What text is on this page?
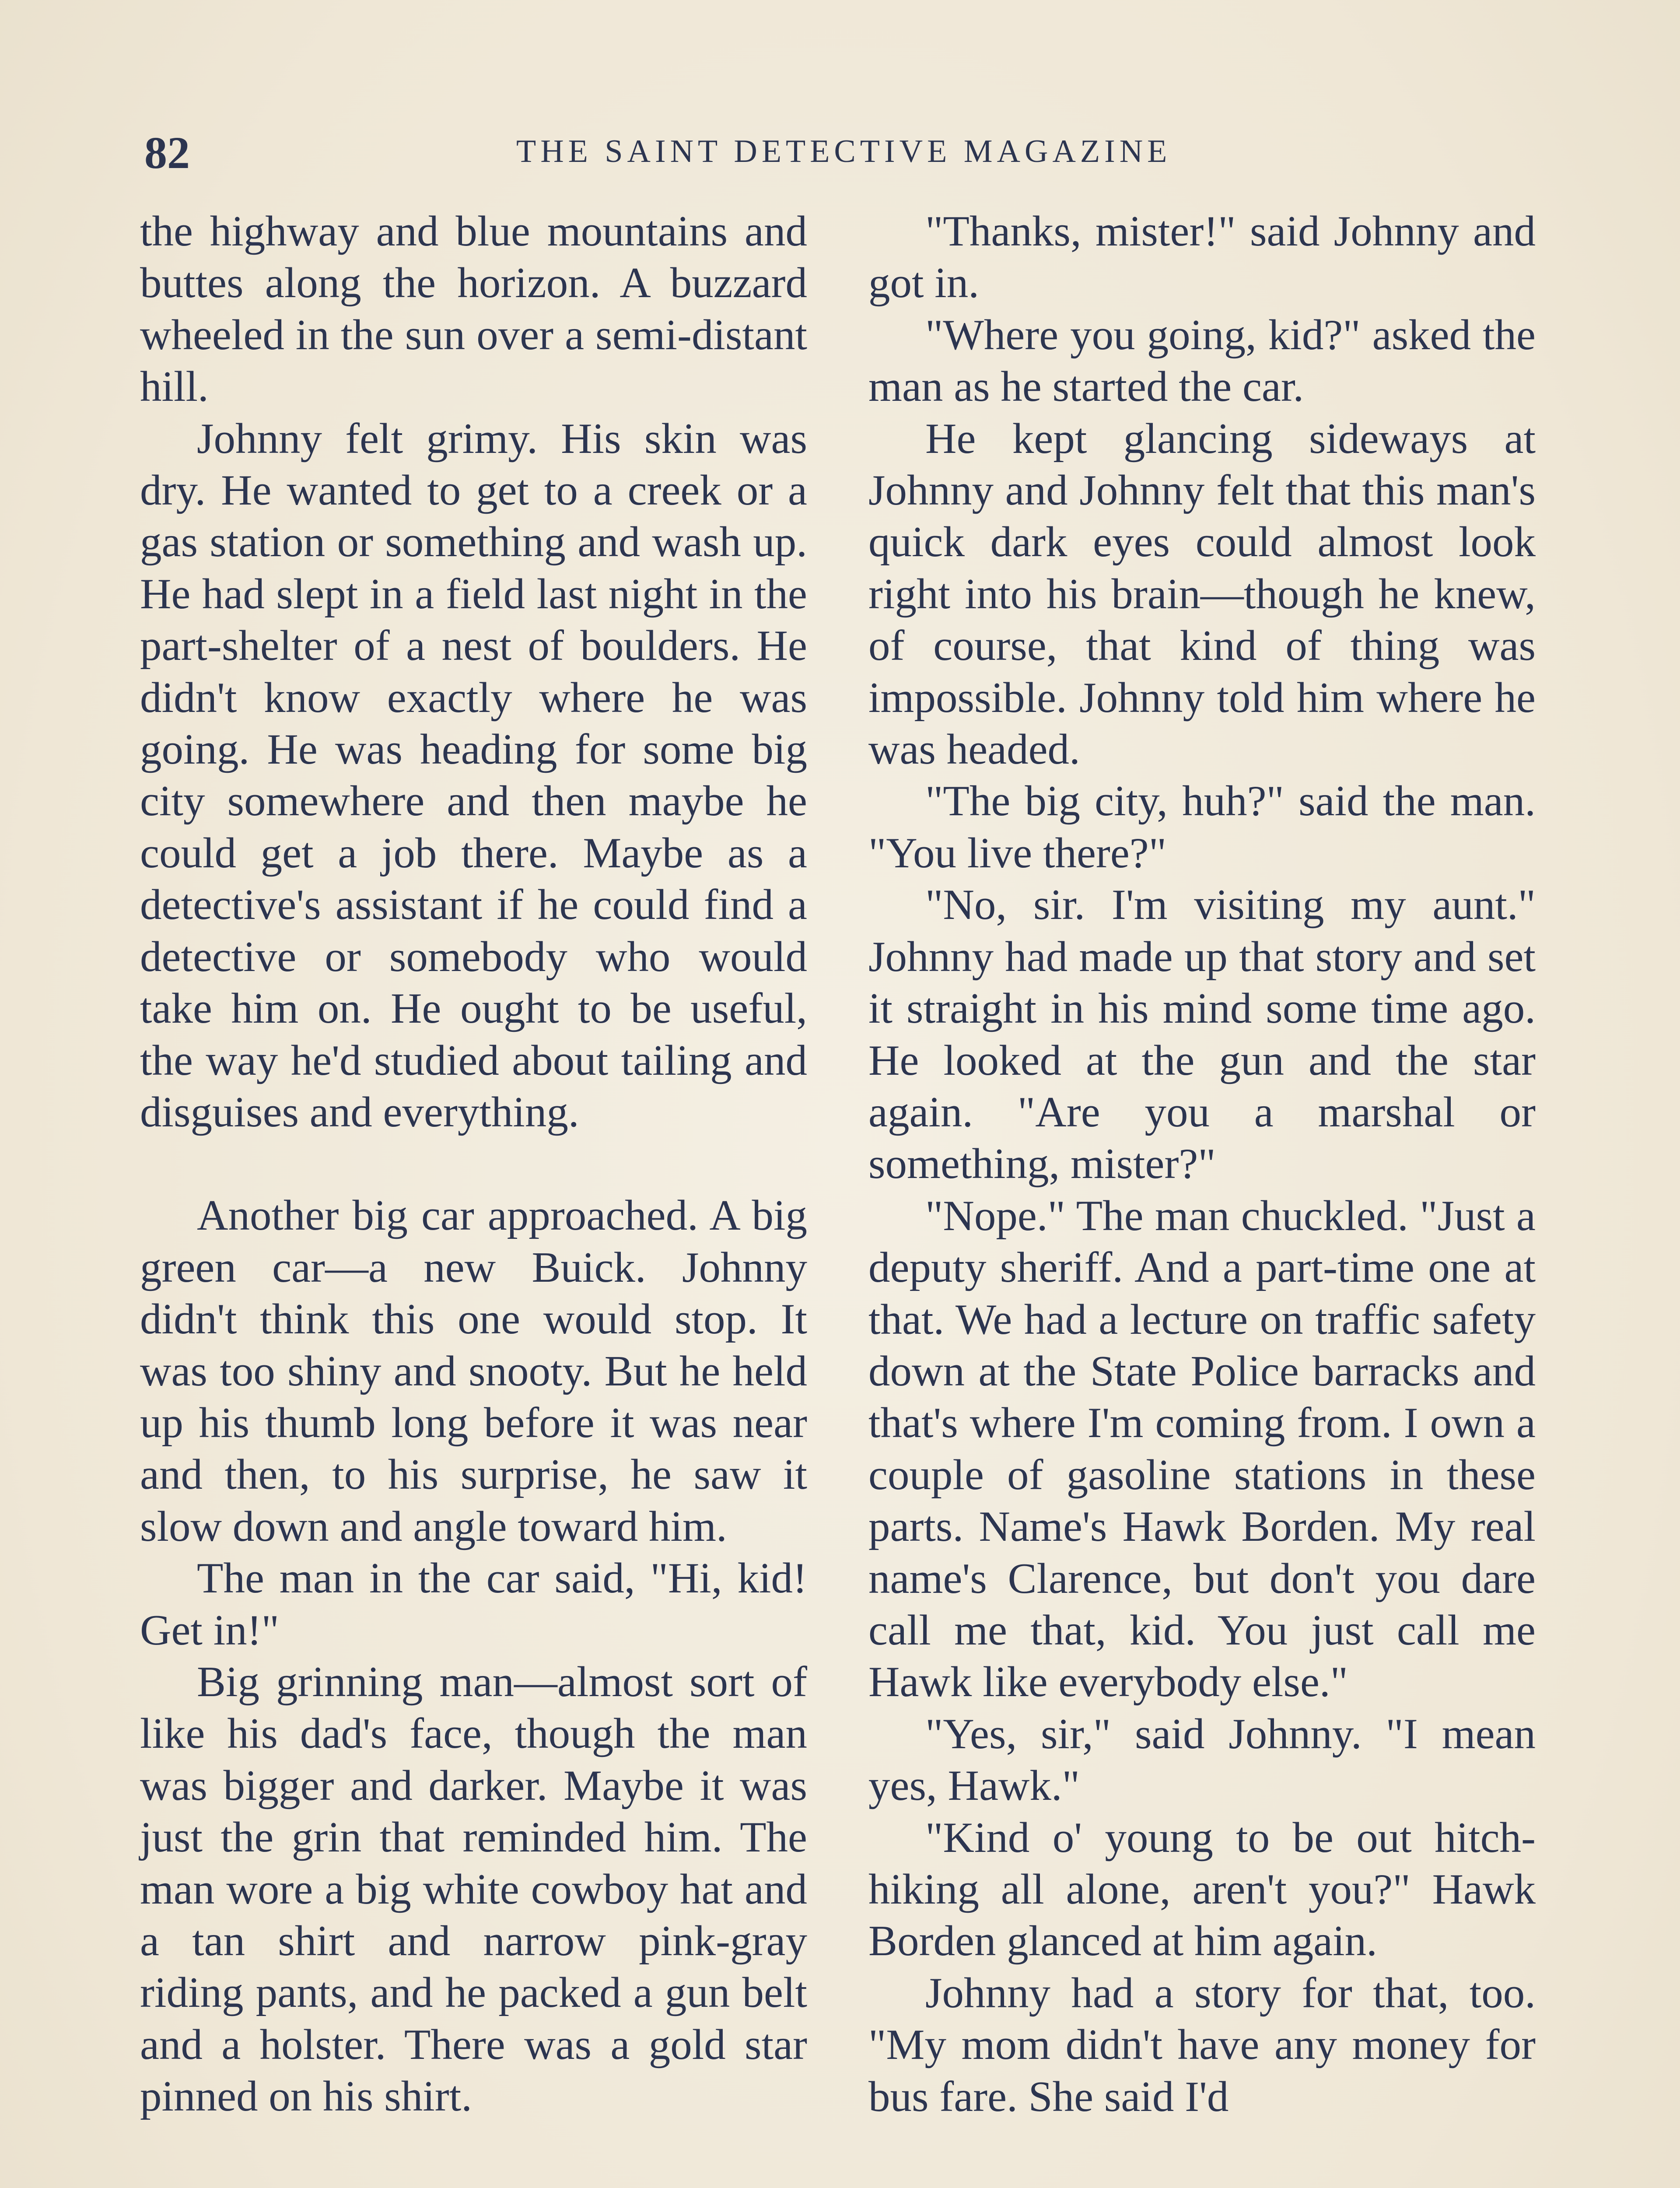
82	THE SAINT DETECTIVE MAGAZINE

the highway and blue mountains and buttes along the horizon. A buzzard wheeled in the sun over a semi-distant hill.

Johnny felt grimy. His skin was dry. He wanted to get to a creek or a gas station or something and wash up. He had slept in a field last night in the part-shelter of a nest of boulders. He didn't know exactly where he was going. He was heading for some big city somewhere and then maybe he could get a job there. Maybe as a detective's assistant if he could find a detective or somebody who would take him on. He ought to be useful, the way he'd studied about tailing and disguises and everything.

Another big car approached. A big green car—a new Buick. Johnny didn't think this one would stop. It was too shiny and snooty. But he held up his thumb long before it was near and then, to his surprise, he saw it slow down and angle toward him.

The man in the car said, "Hi, kid! Get in!"

Big grinning man—almost sort of like his dad's face, though the man was bigger and darker. Maybe it was just the grin that reminded him. The man wore a big white cowboy hat and a tan shirt and narrow pink-gray riding pants, and he packed a gun belt and a holster. There was a gold star pinned on his shirt.

"Thanks, mister!" said Johnny and got in.

"Where you going, kid?" asked the man as he started the car.

He kept glancing sideways at Johnny and Johnny felt that this man's quick dark eyes could almost look right into his brain—though he knew, of course, that kind of thing was impossible. Johnny told him where he was headed.

"The big city, huh?" said the man. "You live there?"

"No, sir. I'm visiting my aunt." Johnny had made up that story and set it straight in his mind some time ago. He looked at the gun and the star again. "Are you a marshal or something, mister?"

"Nope." The man chuckled. "Just a deputy sheriff. And a part-time one at that. We had a lecture on traffic safety down at the State Police barracks and that's where I'm coming from. I own a couple of gasoline stations in these parts. Name's Hawk Borden. My real name's Clarence, but don't you dare call me that, kid. You just call me Hawk like everybody else."

"Yes, sir," said Johnny. "I mean yes, Hawk."

"Kind o' young to be out hitch-hiking all alone, aren't you?" Hawk Borden glanced at him again.

Johnny had a story for that, too. "My mom didn't have any money for bus fare. She said I'd
